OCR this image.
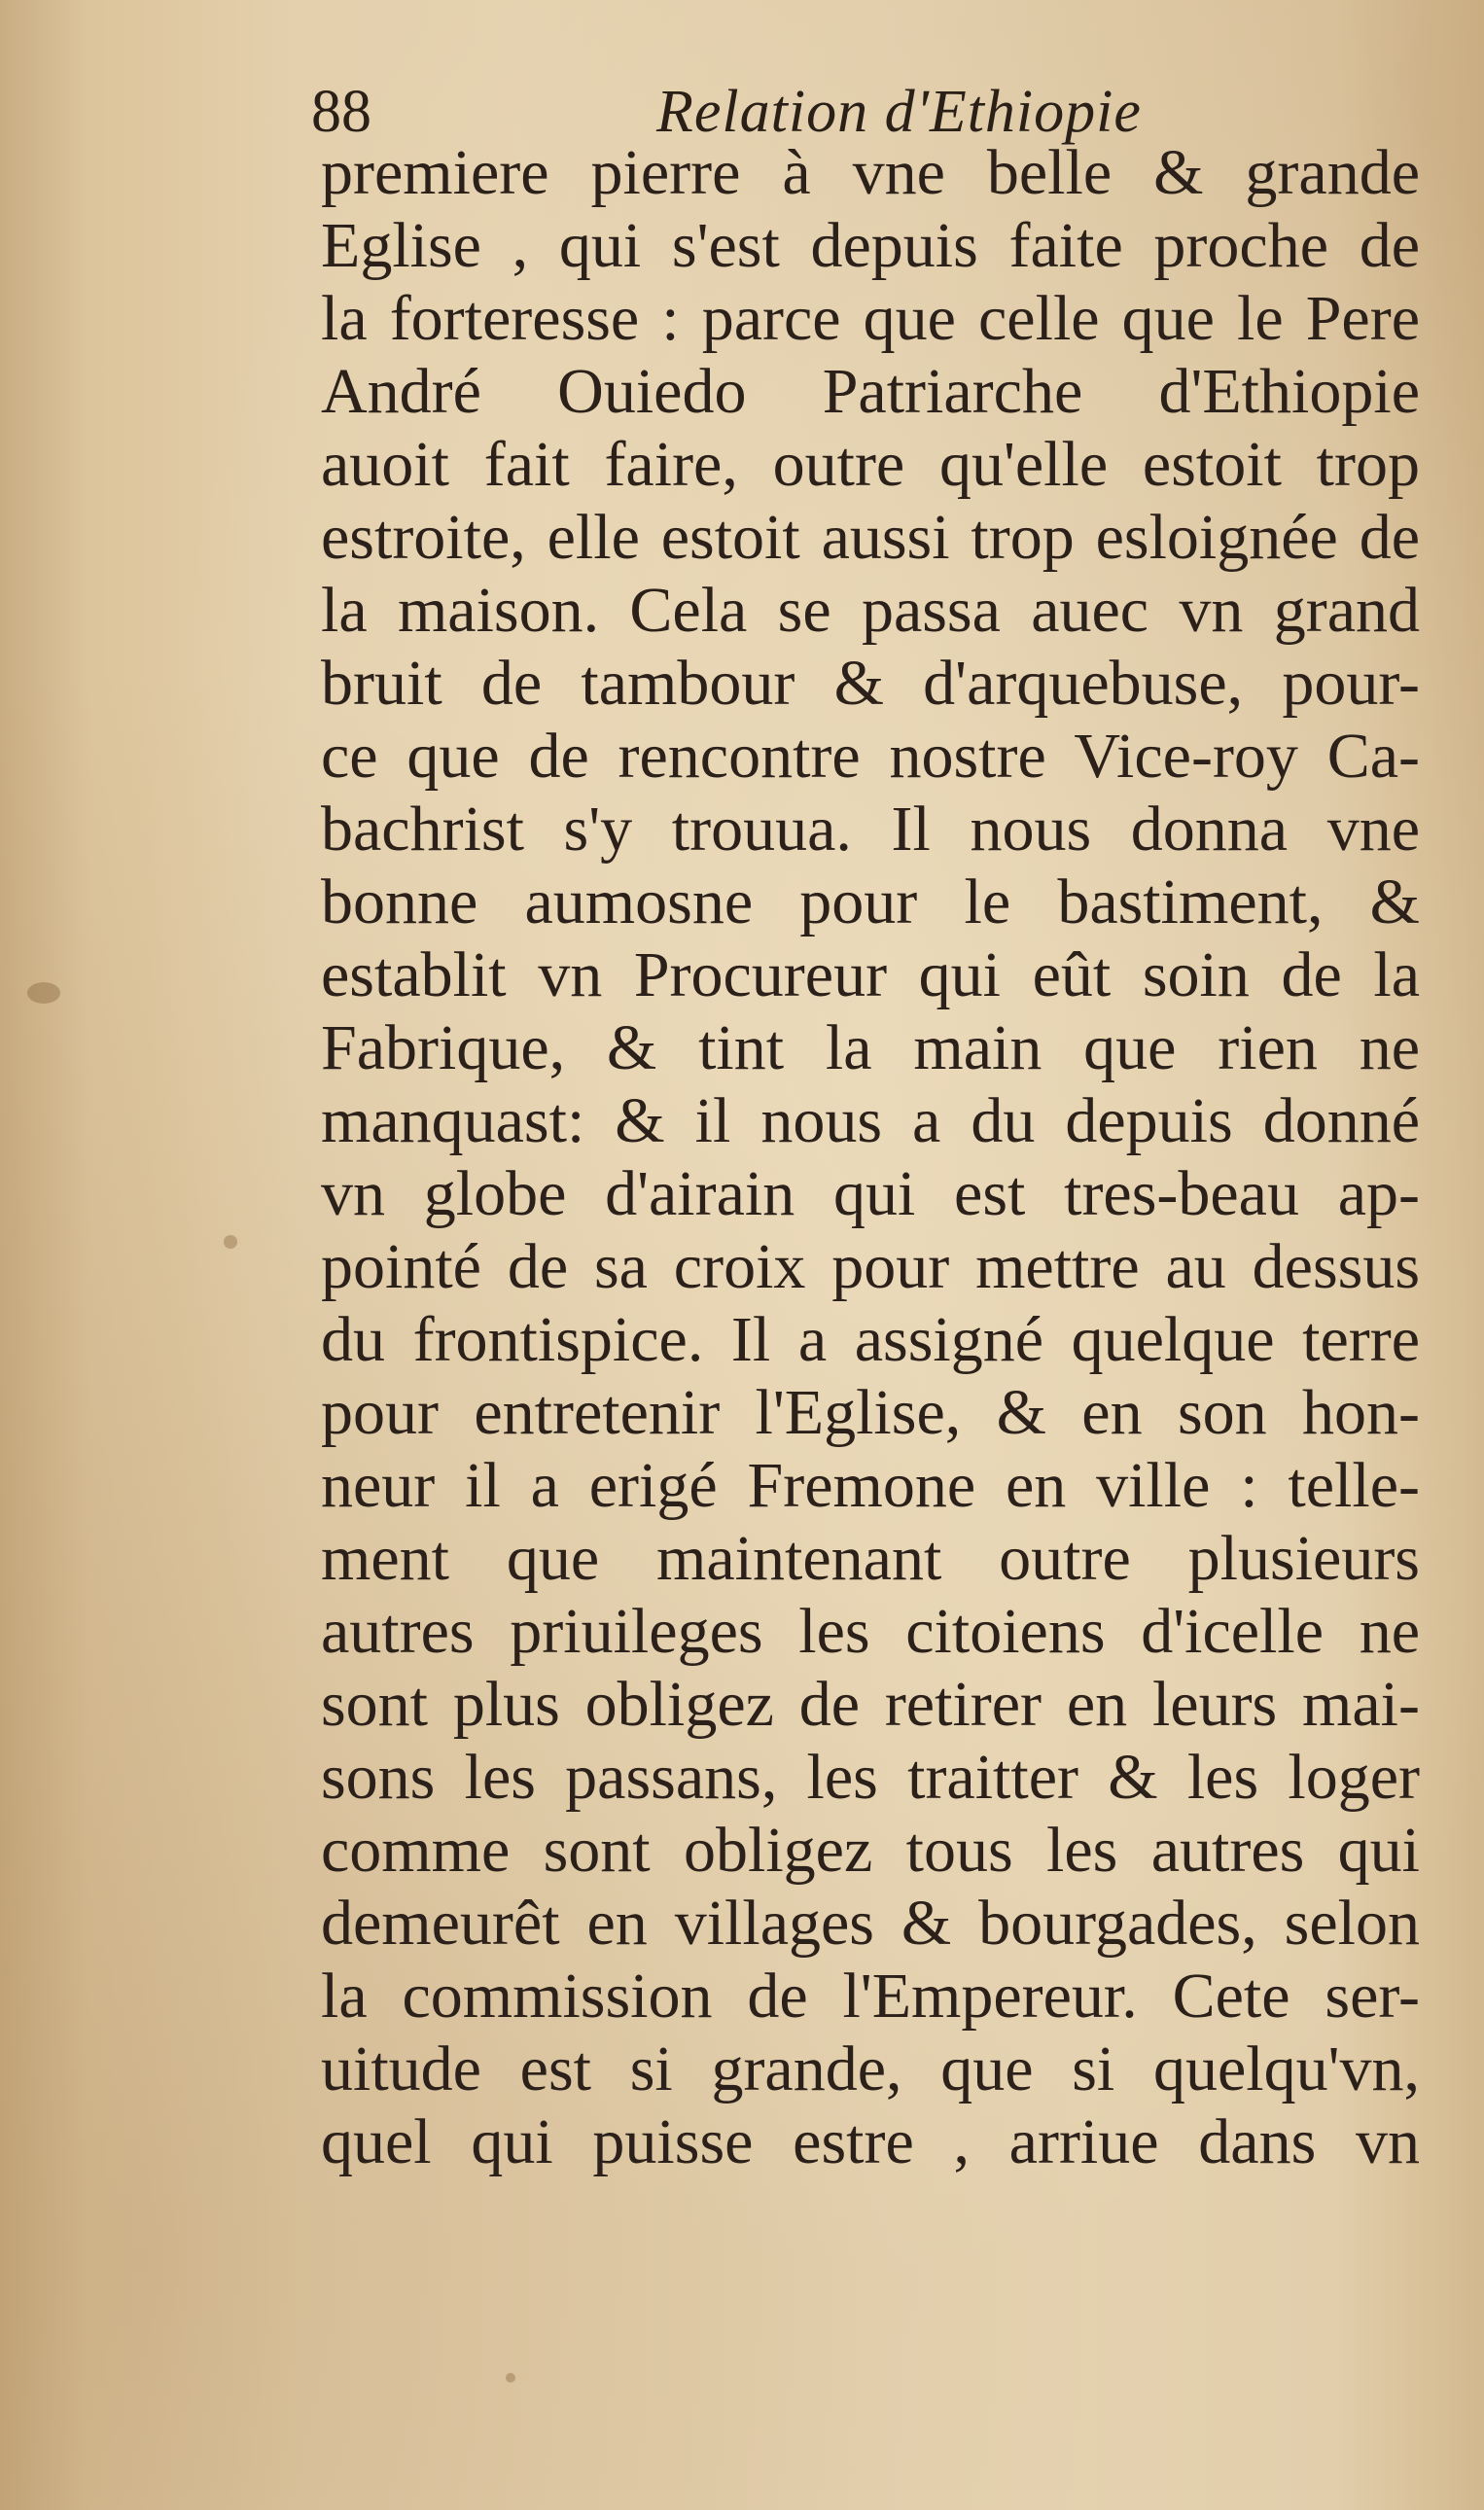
88	Relation d'Ethiopie
premiere pierre à vne belle & grande
Eglise , qui s'est depuis faite proche de
la forteresse : parce que celle que le Pere
André Ouiedo Patriarche d'Ethiopie
auoit fait faire, outre qu'elle estoit trop
estroite, elle estoit aussi trop esloignée de
la maison. Cela se passa auec vn grand
bruit de tambour & d'arquebuse, pour-
ce que de rencontre nostre Vice-roy Ca-
bachrist s'y trouua. Il nous donna vne
bonne aumosne pour le bastiment, &
establit vn Procureur qui eût soin de la
Fabrique, & tint la main que rien ne
manquast: & il nous a du depuis donné
vn globe d'airain qui est tres-beau ap-
pointé de sa croix pour mettre au dessus
du frontispice. Il a assigné quelque terre
pour entretenir l'Eglise, & en son hon-
neur il a erigé Fremone en ville : telle-
ment que maintenant outre plusieurs
autres priuileges les citoiens d'icelle ne
sont plus obligez de retirer en leurs mai-
sons les passans, les traitter & les loger
comme sont obligez tous les autres qui
demeurêt en villages & bourgades, selon
la commission de l'Empereur. Cete ser-
uitude est si grande, que si quelqu'vn,
quel qui puisse estre , arriue dans vn
